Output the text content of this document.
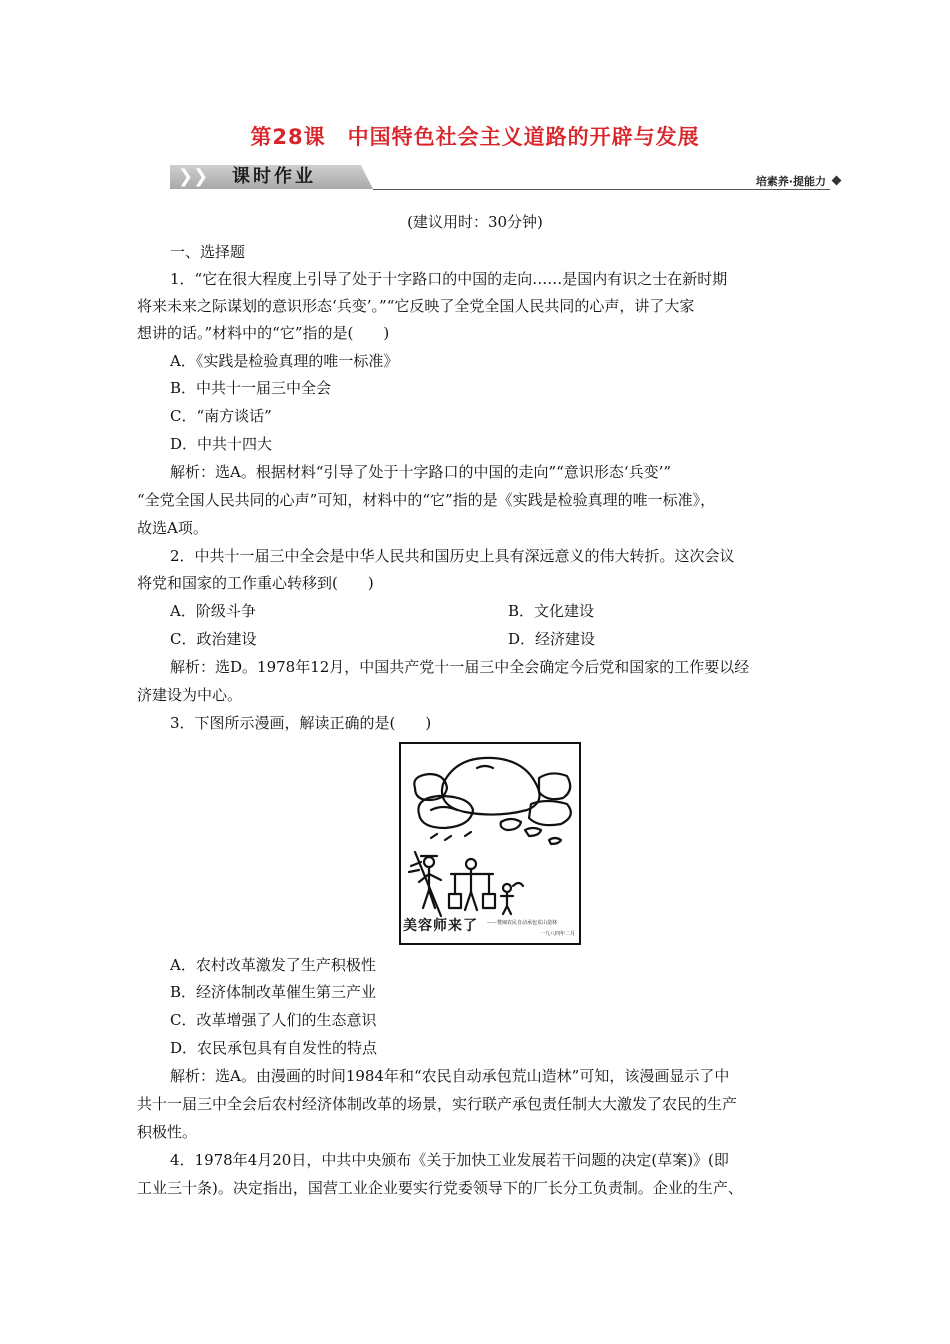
第28课　中国特色社会主义道路的开辟与发展
❯❯ 课时作业	培素养·提能力
(建议用时：30分钟)
一、选择题
1．“它在很大程度上引导了处于十字路口的中国的走向……是国内有识之士在新时期
将来未来之际谋划的意识形态‘兵变’。”“它反映了全党全国人民共同的心声，讲了大家
想讲的话。”材料中的“它”指的是(　　)
A．《实践是检验真理的唯一标准》
B．中共十一届三中全会
C．“南方谈话”
D．中共十四大
解析：选A。根据材料“引导了处于十字路口的中国的走向”“意识形态‘兵变’”
“全党全国人民共同的心声”可知，材料中的“它”指的是《实践是检验真理的唯一标准》，
故选A项。
2．中共十一届三中全会是中华人民共和国历史上具有深远意义的伟大转折。这次会议
将党和国家的工作重心转移到(　　)
A．阶级斗争	B．文化建设
C．政治建设	D．经济建设
解析：选D。1978年12月，中国共产党十一届三中全会确定今后党和国家的工作要以经
济建设为中心。
3．下图所示漫画，解读正确的是(　　)
美容师来了 ——赞闽农民自动承包荒山造林
一九八四年二月
A．农村改革激发了生产积极性
B．经济体制改革催生第三产业
C．改革增强了人们的生态意识
D．农民承包具有自发性的特点
解析：选A。由漫画的时间1984年和“农民自动承包荒山造林”可知，该漫画显示了中
共十一届三中全会后农村经济体制改革的场景，实行联产承包责任制大大激发了农民的生产
积极性。
4．1978年4月20日，中共中央颁布《关于加快工业发展若干问题的决定(草案)》(即
工业三十条)。决定指出，国营工业企业要实行党委领导下的厂长分工负责制。企业的生产、
